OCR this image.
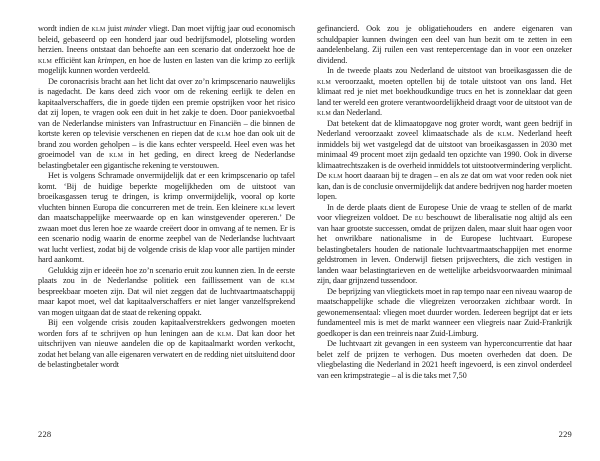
wordt indien de klm juist minder vliegt. Dan moet vijftig jaar oud economisch beleid, gebaseerd op een honderd jaar oud bedrijfsmodel, plotseling worden herzien. Ineens ontstaat dan behoefte aan een scenario dat onderzoekt hoe de klm efficiënt kan krimpen, en hoe de lusten en lasten van die krimp zo eerlijk mogelijk kunnen worden verdeeld.

De coronacrisis bracht aan het licht dat over zo’n krimpscenario nauwelijks is nagedacht. De kans deed zich voor om de rekening eerlijk te delen en kapitaalverschaffers, die in goede tijden een premie opstrijken voor het risico dat zij lopen, te vragen ook een duit in het zakje te doen. Door paniekvoetbal van de Nederlandse ministers van Infrastructuur en Financiën – die binnen de kortste keren op televisie verschenen en riepen dat de klm hoe dan ook uit de brand zou worden geholpen – is die kans echter verspeeld. Heel even was het groeimodel van de klm in het geding, en direct kreeg de Nederlandse belastingbetaler een gigantische rekening te verstouwen.

Het is volgens Schramade onvermijdelijk dat er een krimpscenario op tafel komt. ‘Bij de huidige beperkte mogelijkheden om de uitstoot van broeikasgassen terug te dringen, is krimp onvermijdelijk, vooral op korte vluchten binnen Europa die concurreren met de trein. Een kleinere klm levert dan maatschappelijke meerwaarde op en kan winstgevender opereren.’ De zwaan moet dus leren hoe ze waarde creëert door in omvang af te nemen. Er is een scenario nodig waarin de enorme zeepbel van de Nederlandse luchtvaart wat lucht verliest, zodat bij de volgende crisis de klap voor alle partijen minder hard aankomt.

Gelukkig zijn er ideeën hoe zo’n scenario eruit zou kunnen zien. In de eerste plaats zou in de Nederlandse politiek een faillissement van de klm bespreekbaar moeten zijn. Dat wil niet zeggen dat de luchtvaartmaatschappij maar kapot moet, wel dat kapitaalverschaffers er niet langer vanzelfsprekend van mogen uitgaan dat de staat de rekening oppakt.

Bij een volgende crisis zouden kapitaalverstrekkers gedwongen moeten worden fors af te schrijven op hun leningen aan de klm. Dat kan door het uitschrijven van nieuwe aandelen die op de kapitaalmarkt worden verkocht, zodat het belang van alle eigenaren verwatert en de redding niet uitsluitend door de belastingbetaler wordt

228

gefinancierd. Ook zou je obligatiehouders en andere eigenaren van schuldpapier kunnen dwingen een deel van hun bezit om te zetten in een aandelenbelang. Zij ruilen een vast rentepercentage dan in voor een onzeker dividend.

In de tweede plaats zou Nederland de uitstoot van broeikasgassen die de klm veroorzaakt, moeten optellen bij de totale uitstoot van ons land. Het klimaat red je niet met boekhoudkundige trucs en het is zonneklaar dat geen land ter wereld een grotere verantwoordelijkheid draagt voor de uitstoot van de klm dan Nederland.

Dat betekent dat de klimaatopgave nog groter wordt, want geen bedrijf in Nederland veroorzaakt zoveel klimaatschade als de klm. Nederland heeft inmiddels bij wet vastgelegd dat de uitstoot van broeikasgassen in 2030 met minimaal 49 procent moet zijn gedaald ten opzichte van 1990. Ook in diverse klimaatrechtszaken is de overheid inmiddels tot uitstootvermindering verplicht. De klm hoort daaraan bij te dragen – en als ze dat om wat voor reden ook niet kan, dan is de conclusie onvermijdelijk dat andere bedrijven nog harder moeten lopen.

In de derde plaats dient de Europese Unie de vraag te stellen of de markt voor vliegreizen voldoet. De eu beschouwt de liberalisatie nog altijd als een van haar grootste successen, omdat de prijzen dalen, maar sluit haar ogen voor het onwrikbare nationalisme in de Europese luchtvaart. Europese belastingbetalers houden de nationale luchtvaartmaatschappijen met enorme geldstromen in leven. Onderwijl fietsen prijsvechters, die zich vestigen in landen waar belastingtarieven en de wettelijke arbeidsvoorwaarden minimaal zijn, daar grijnzend tussendoor.

De beprijzing van vliegtickets moet in rap tempo naar een niveau waarop de maatschappelijke schade die vliegreizen veroorzaken zichtbaar wordt. In gewonemensentaal: vliegen moet duurder worden. Iedereen begrijpt dat er iets fundamenteel mis is met de markt wanneer een vliegreis naar Zuid-Frankrijk goedkoper is dan een treinreis naar Zuid-Limburg.

De luchtvaart zit gevangen in een systeem van hyperconcurrentie dat haar belet zelf de prijzen te verhogen. Dus moeten overheden dat doen. De vliegbelasting die Nederland in 2021 heeft ingevoerd, is een zinvol onderdeel van een krimpstrategie – al is die taks met 7,50

229
